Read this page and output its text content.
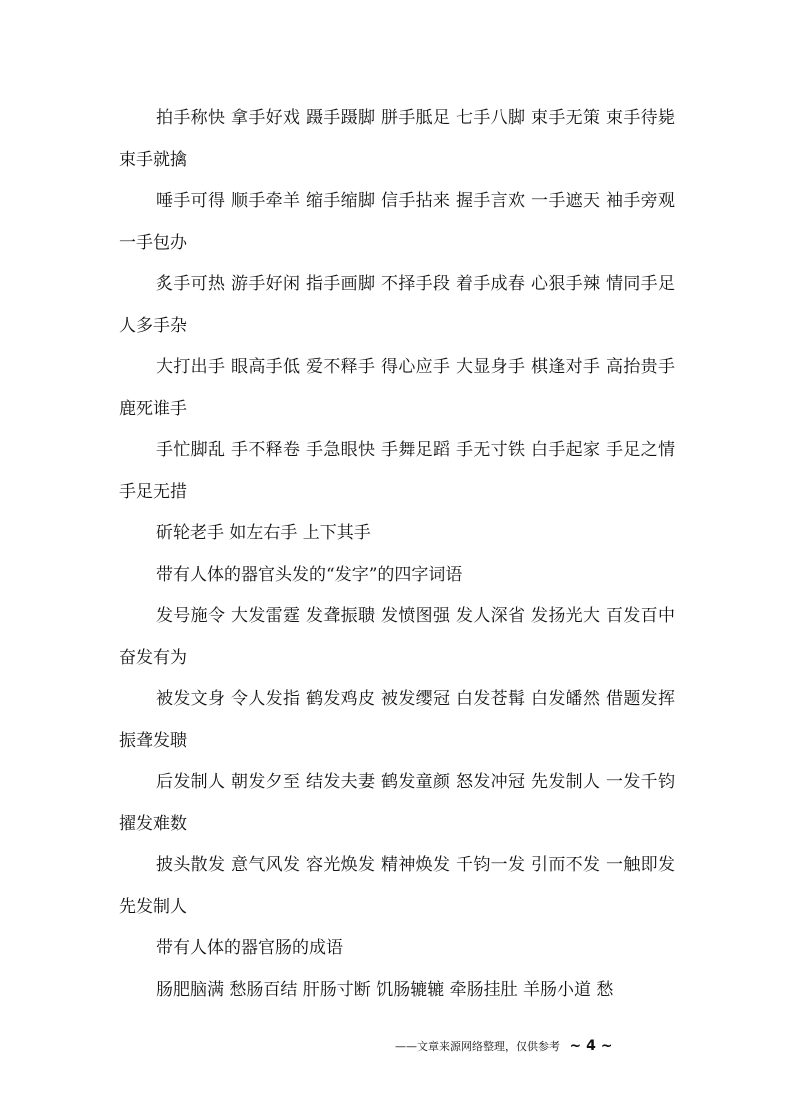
拍手称快 拿手好戏 蹑手蹑脚 胼手胝足 七手八脚 束手无策 束手待毙 束手就擒

唾手可得 顺手牵羊 缩手缩脚 信手拈来 握手言欢 一手遮天 袖手旁观 一手包办

炙手可热 游手好闲 指手画脚 不择手段 着手成春 心狠手辣 情同手足 人多手杂

大打出手 眼高手低 爱不释手 得心应手 大显身手 棋逢对手 高抬贵手 鹿死谁手

手忙脚乱 手不释卷 手急眼快 手舞足蹈 手无寸铁 白手起家 手足之情 手足无措

斫轮老手 如左右手 上下其手

带有人体的器官头发的“发字”的四字词语

发号施令 大发雷霆 发聋振聩 发愤图强 发人深省 发扬光大 百发百中 奋发有为

被发文身 令人发指 鹤发鸡皮 被发缨冠 白发苍髯 白发皤然 借题发挥 振聋发聩

后发制人 朝发夕至 结发夫妻 鹤发童颜 怒发冲冠 先发制人 一发千钧 擢发难数

披头散发 意气风发 容光焕发 精神焕发 千钧一发 引而不发 一触即发 先发制人

带有人体的器官肠的成语

肠肥脑满 愁肠百结 肝肠寸断 饥肠辘辘 牵肠挂肚 羊肠小道 愁

——文章来源网络整理，仅供参考 ~ 4 ~
